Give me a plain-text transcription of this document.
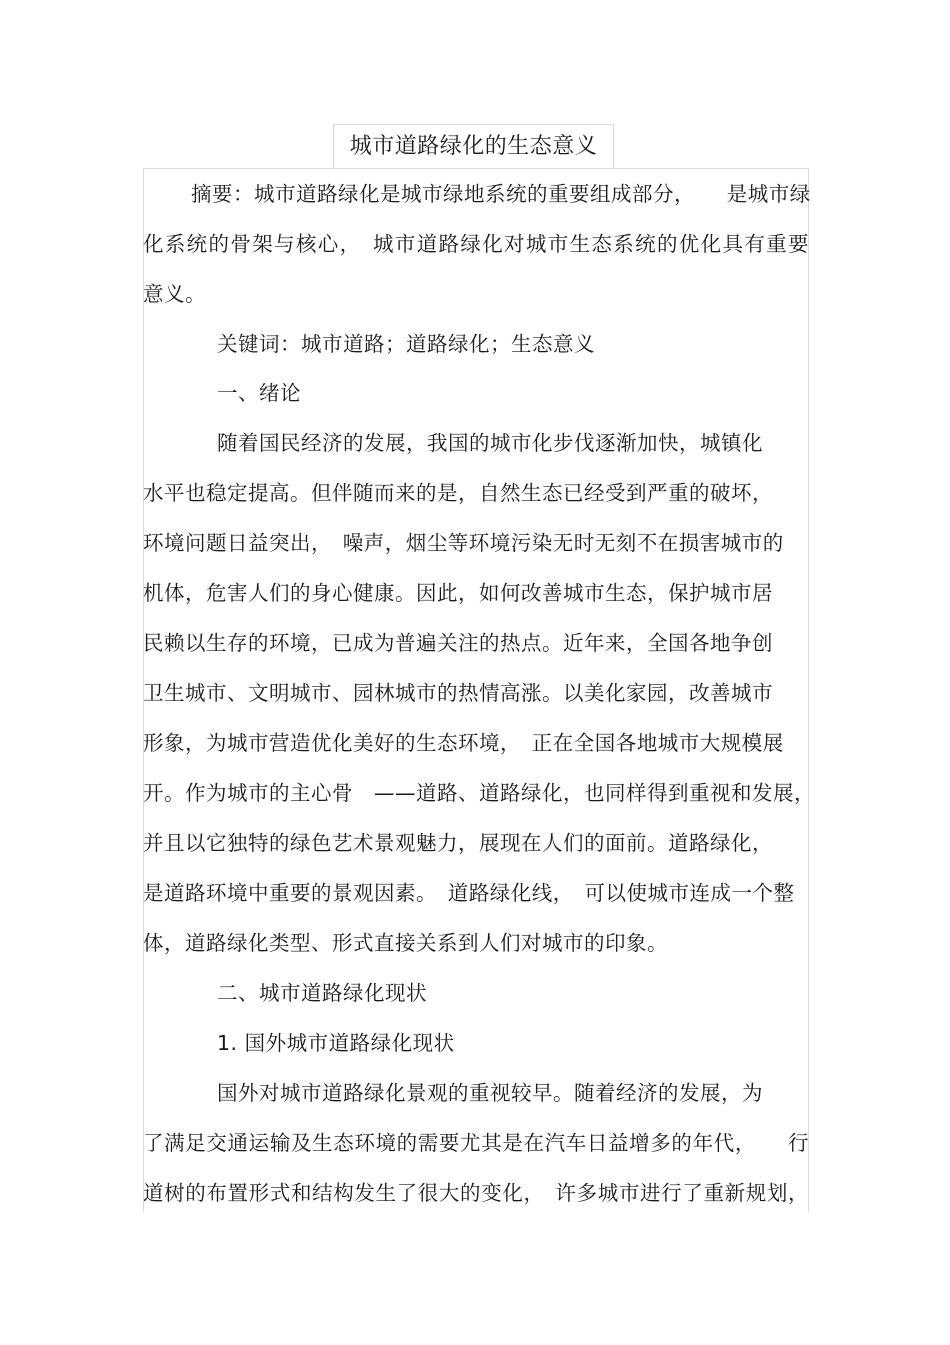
城市道路绿化的生态意义
摘要：城市道路绿化是城市绿地系统的重要组成部分，　　是城市绿
化系统的骨架与核心，　城市道路绿化对城市生态系统的优化具有重要
意义。
关键词：城市道路；道路绿化；生态意义
一、绪论
随着国民经济的发展，我国的城市化步伐逐渐加快，城镇化
水平也稳定提高。但伴随而来的是，自然生态已经受到严重的破坏，
环境问题日益突出，　噪声，烟尘等环境污染无时无刻不在损害城市的
机体，危害人们的身心健康。因此，如何改善城市生态，保护城市居
民赖以生存的环境，已成为普遍关注的热点。近年来，全国各地争创
卫生城市、文明城市、园林城市的热情高涨。以美化家园，改善城市
形象，为城市营造优化美好的生态环境，　正在全国各地城市大规模展
开。作为城市的主心骨　——道路、道路绿化，也同样得到重视和发展，
并且以它独特的绿色艺术景观魅力，展现在人们的面前。道路绿化，
是道路环境中重要的景观因素。　道路绿化线，　可以使城市连成一个整
体，道路绿化类型、形式直接关系到人们对城市的印象。
二、城市道路绿化现状
1. 国外城市道路绿化现状
国外对城市道路绿化景观的重视较早。随着经济的发展，为
了满足交通运输及生态环境的需要尤其是在汽车日益增多的年代，　　行
道树的布置形式和结构发生了很大的变化，　许多城市进行了重新规划，
